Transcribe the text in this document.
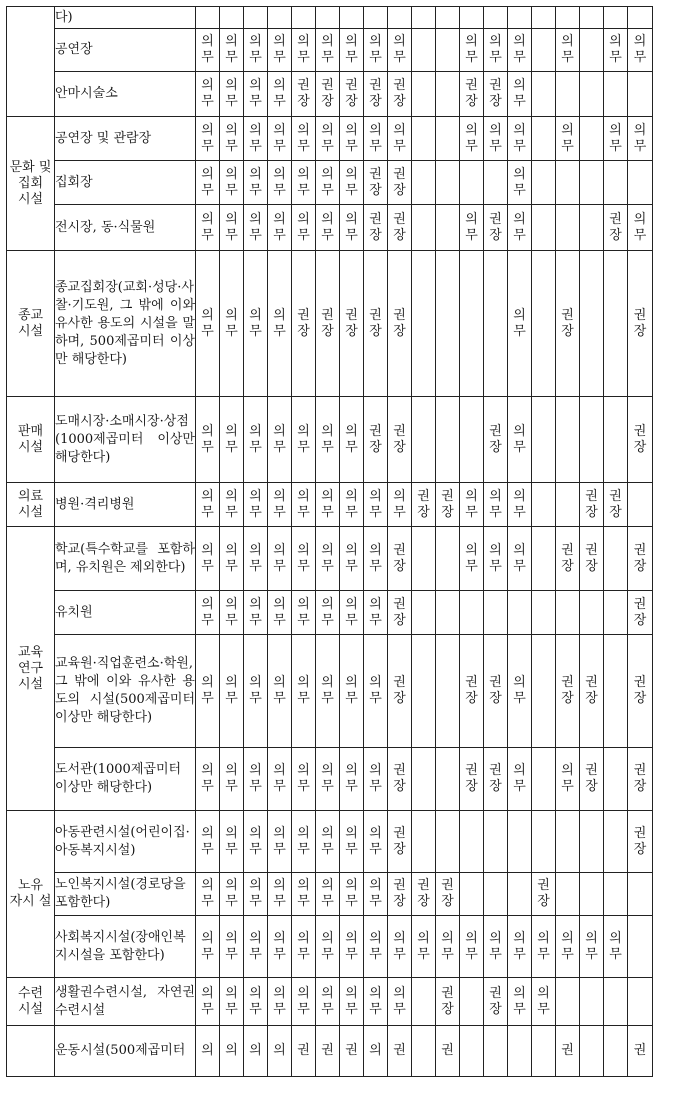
	다)																			
	공연장	의무	의무	의무	의무	의무	의무	의무	의무	의무			의무	의무	의무		의무		의무	의무
	안마시술소	의무	의무	의무	의무	권장	권장	권장	권장	권장			권장	권장	의무					
문화 및 집회 시설	공연장 및 관람장	의무	의무	의무	의무	의무	의무	의무	의무	의무			의무	의무	의무		의무		의무	의무
	집회장	의무	의무	의무	의무	의무	의무	의무	권장	권장					의무					
	전시장, 동·식물원	의무	의무	의무	의무	의무	의무	의무	권장	권장			의무	권장	의무				권장	의무
종교 시설	종교집회장(교회·성당·사찰·기도원, 그 밖에 이와 유사한 용도의 시설을 말하며, 500제곱미터 이상만 해당한다)	의무	의무	의무	의무	권장	권장	권장	권장	권장					의무		권장			권장
판매 시설	도매시장·소매시장·상점(1000제곱미터 이상만 해당한다)	의무	의무	의무	의무	의무	의무	의무	권장	권장				권장	의무					권장
의료 시설	병원·격리병원	의무	의무	의무	의무	의무	의무	의무	의무	의무	권장	권장	의무	의무	의무			권장	권장	
교육 연구 시설	학교(특수학교를 포함하며, 유치원은 제외한다)	의무	의무	의무	의무	의무	의무	의무	의무	권장			의무	의무	의무		권장	권장		권장
	유치원	의무	의무	의무	의무	의무	의무	의무	의무	권장										권장
	교육원·직업훈련소·학원, 그 밖에 이와 유사한 용도의 시설(500제곱미터 이상만 해당한다)	의무	의무	의무	의무	의무	의무	의무	의무	권장			권장	권장	의무		권장	권장		권장
	도서관(1000제곱미터 이상만 해당한다)	의무	의무	의무	의무	의무	의무	의무	의무	권장			권장	권장	의무		의무	권장		권장
노유 자시 설	아동관련시설(어린이집·아동복지시설)	의무	의무	의무	의무	의무	의무	의무	의무	권장										권장
	노인복지시설(경로당을 포함한다)	의무	의무	의무	의무	의무	의무	의무	의무	권장	권장	권장				권장				
	사회복지시설(장애인복지시설을 포함한다)	의무	의무	의무	의무	의무	의무	의무	의무	의무	의무	의무	의무	의무	의무	의무	의무	의무	의무	
수련 시설	생활권수련시설, 자연권수련시설	의무	의무	의무	의무	의무	의무	의무	의무	의무		권장		권장	의무	의무				
	운동시설(500제곱미터	의	의	의	의	권	권	권	의	권		권					권			권
